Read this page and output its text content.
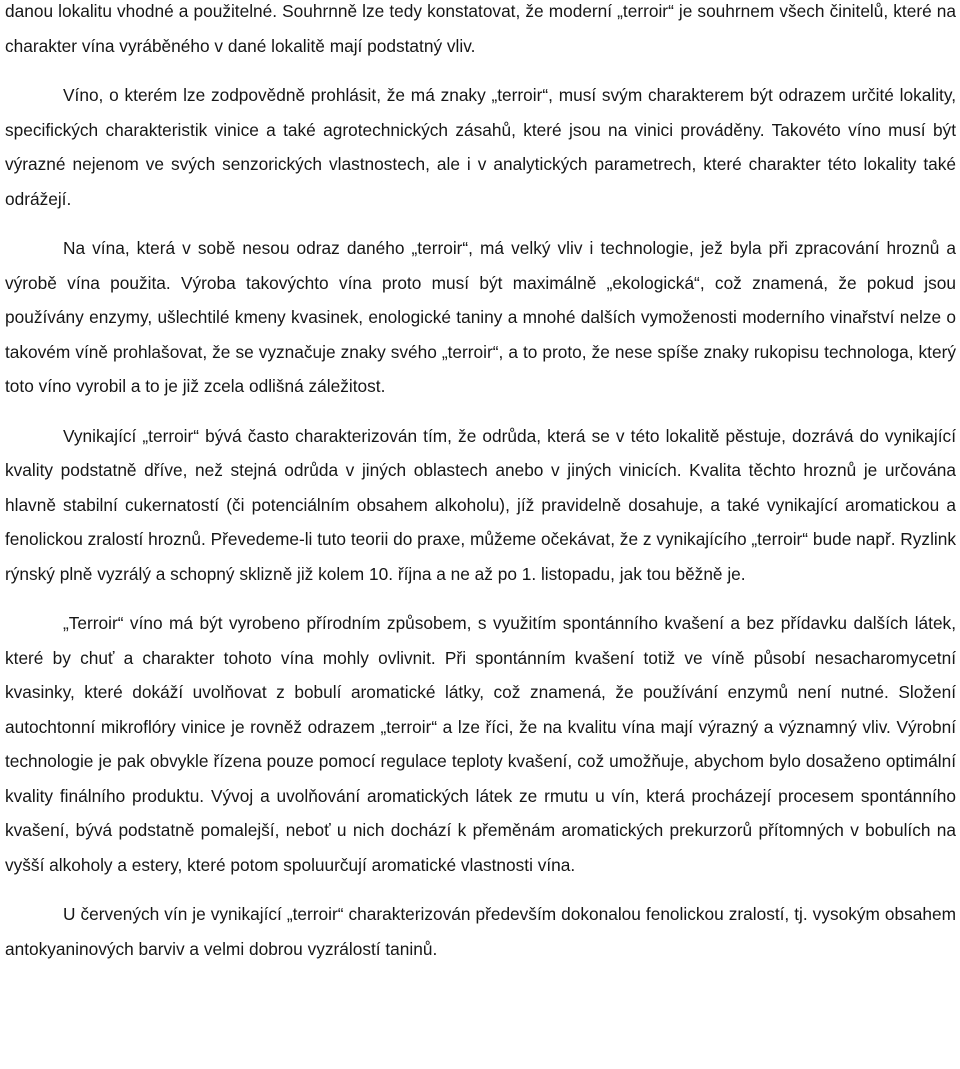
danou lokalitu vhodné a použitelné. Souhrnně lze tedy konstatovat, že moderní „terroir“ je souhrnem všech činitelů, které na charakter vína vyráběného v dané lokalitě mají podstatný vliv.

Víno, o kterém lze zodpovědně prohlásit, že má znaky „terroir“, musí svým charakterem být odrazem určité lokality, specifických charakteristik vinice a také agrotechnických zásahů, které jsou na vinici prováděny. Takovéto víno musí být výrazné nejenom ve svých senzorických vlastnostech, ale i v analytických parametrech, které charakter této lokality také odrážejí.

Na vína, která v sobě nesou odraz daného „terroir“, má velký vliv i technologie, jež byla při zpracování hroznů a výrobě vína použita. Výroba takovýchto vína proto musí být maximálně „ekologická“, což znamená, že pokud jsou používány enzymy, ušlechtilé kmeny kvasinek, enologické taniny a mnohé dalších vymoženosti moderního vinařství nelze o takovém víně prohlašovat, že se vyznačuje znaky svého „terroir“, a to proto, že nese spíše znaky rukopisu technologa, který toto víno vyrobil a to je již zcela odlišná záležitost.

Vynikající „terroir“ bývá často charakterizován tím, že odrůda, která se v této lokalitě pěstuje, dozrává do vynikající kvality podstatně dříve, než stejná odrůda v jiných oblastech anebo v jiných vinicích. Kvalita těchto hroznů je určována hlavně stabilní cukernatostí (či potenciálním obsahem alkoholu), jíž pravidelně dosahuje, a také vynikající aromatickou a fenolickou zralostí hroznů. Převedeme-li tuto teorii do praxe, můžeme očekávat, že z vynikajícího „terroir“ bude např. Ryzlink rýnský plně vyzrálý a schopný sklizně již kolem 10. října a ne až po 1. listopadu, jak tou běžně je.

„Terroir“ víno má být vyrobeno přírodním způsobem, s využitím spontánního kvašení a bez přídavku dalších látek, které by chuť a charakter tohoto vína mohly ovlivnit. Při spontánním kvašení totiž ve víně působí nesacharomycetní kvasinky, které dokáží uvolňovat z bobulí aromatické látky, což znamená, že používání enzymů není nutné. Složení autochtonní mikroflóry vinice je rovněž odrazem „terroir“ a lze říci, že na kvalitu vína mají výrazný a významný vliv. Výrobní technologie je pak obvykle řízena pouze pomocí regulace teploty kvašení, což umožňuje, abychom bylo dosaženo optimální kvality finálního produktu. Vývoj a uvolňování aromatických látek ze rmutu u vín, která procházejí procesem spontánního kvašení, bývá podstatně pomalejší, neboť u nich dochází k přeměnám aromatických prekurzorů přítomných v bobulích na vyšší alkoholy a estery, které potom spoluurčují aromatické vlastnosti vína.

U červených vín je vynikající „terroir“ charakterizován především dokonalou fenolickou zralostí, tj. vysokým obsahem antokyaninových barviv a velmi dobrou vyzrálostí taninů.
